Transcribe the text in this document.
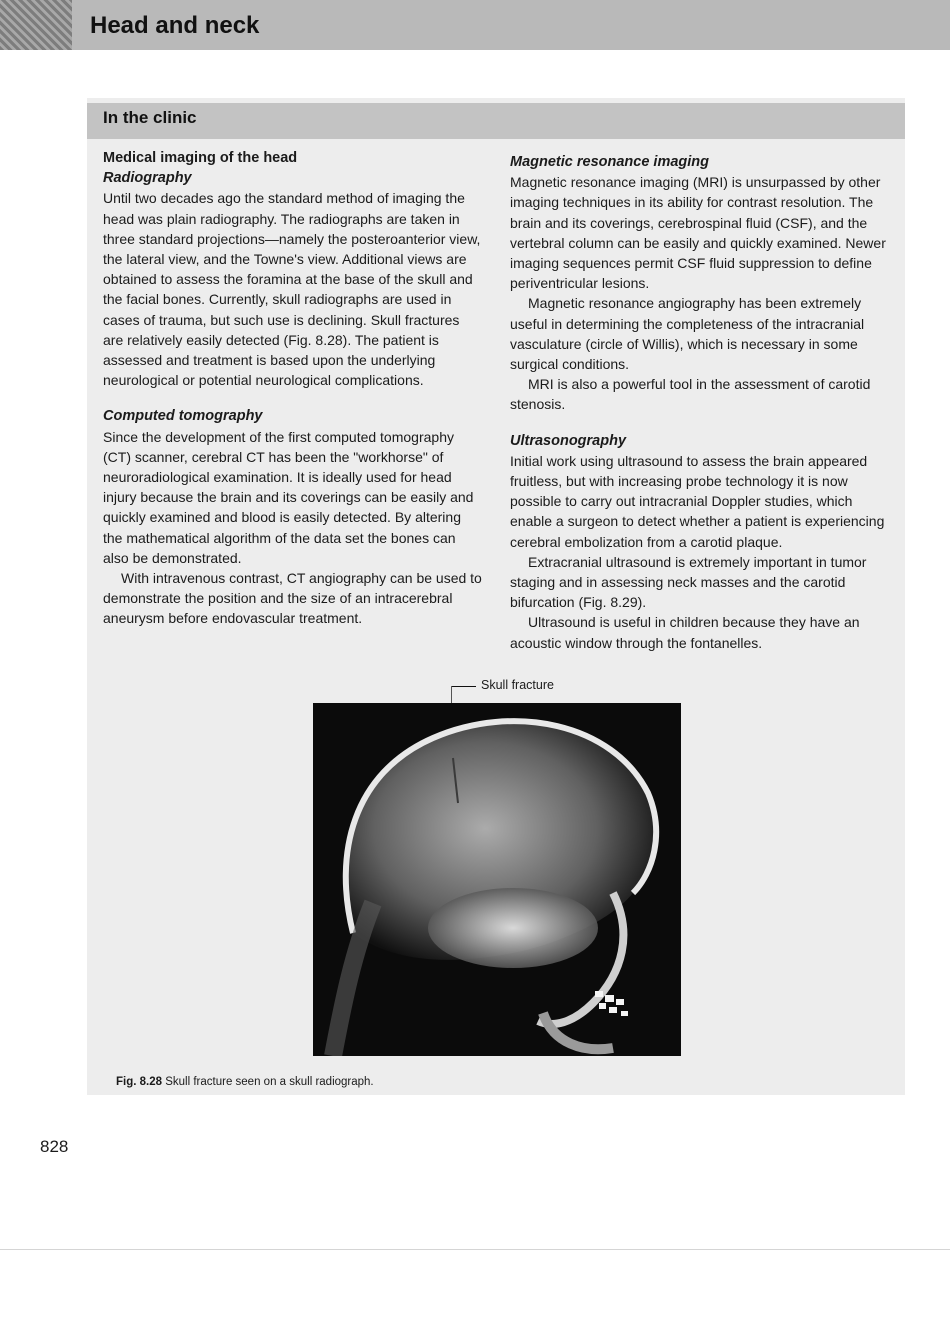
Head and neck
In the clinic

Medical imaging of the head

Radiography

Until two decades ago the standard method of imaging the head was plain radiography. The radiographs are taken in three standard projections—namely the posteroanterior view, the lateral view, and the Towne's view. Additional views are obtained to assess the foramina at the base of the skull and the facial bones. Currently, skull radiographs are used in cases of trauma, but such use is declining. Skull fractures are relatively easily detected (Fig. 8.28). The patient is assessed and treatment is based upon the underlying neurological or potential neurological complications.

Computed tomography

Since the development of the first computed tomography (CT) scanner, cerebral CT has been the "workhorse" of neuroradiological examination. It is ideally used for head injury because the brain and its coverings can be easily and quickly examined and blood is easily detected. By altering the mathematical algorithm of the data set the bones can also be demonstrated.

With intravenous contrast, CT angiography can be used to demonstrate the position and the size of an intracerebral aneurysm before endovascular treatment.

Magnetic resonance imaging

Magnetic resonance imaging (MRI) is unsurpassed by other imaging techniques in its ability for contrast resolution. The brain and its coverings, cerebrospinal fluid (CSF), and the vertebral column can be easily and quickly examined. Newer imaging sequences permit CSF fluid suppression to define periventricular lesions.

Magnetic resonance angiography has been extremely useful in determining the completeness of the intracranial vasculature (circle of Willis), which is necessary in some surgical conditions.

MRI is also a powerful tool in the assessment of carotid stenosis.

Ultrasonography

Initial work using ultrasound to assess the brain appeared fruitless, but with increasing probe technology it is now possible to carry out intracranial Doppler studies, which enable a surgeon to detect whether a patient is experiencing cerebral embolization from a carotid plaque.

Extracranial ultrasound is extremely important in tumor staging and in assessing neck masses and the carotid bifurcation (Fig. 8.29).

Ultrasound is useful in children because they have an acoustic window through the fontanelles.

Skull fracture
Fig. 8.28 Skull fracture seen on a skull radiograph.
828
